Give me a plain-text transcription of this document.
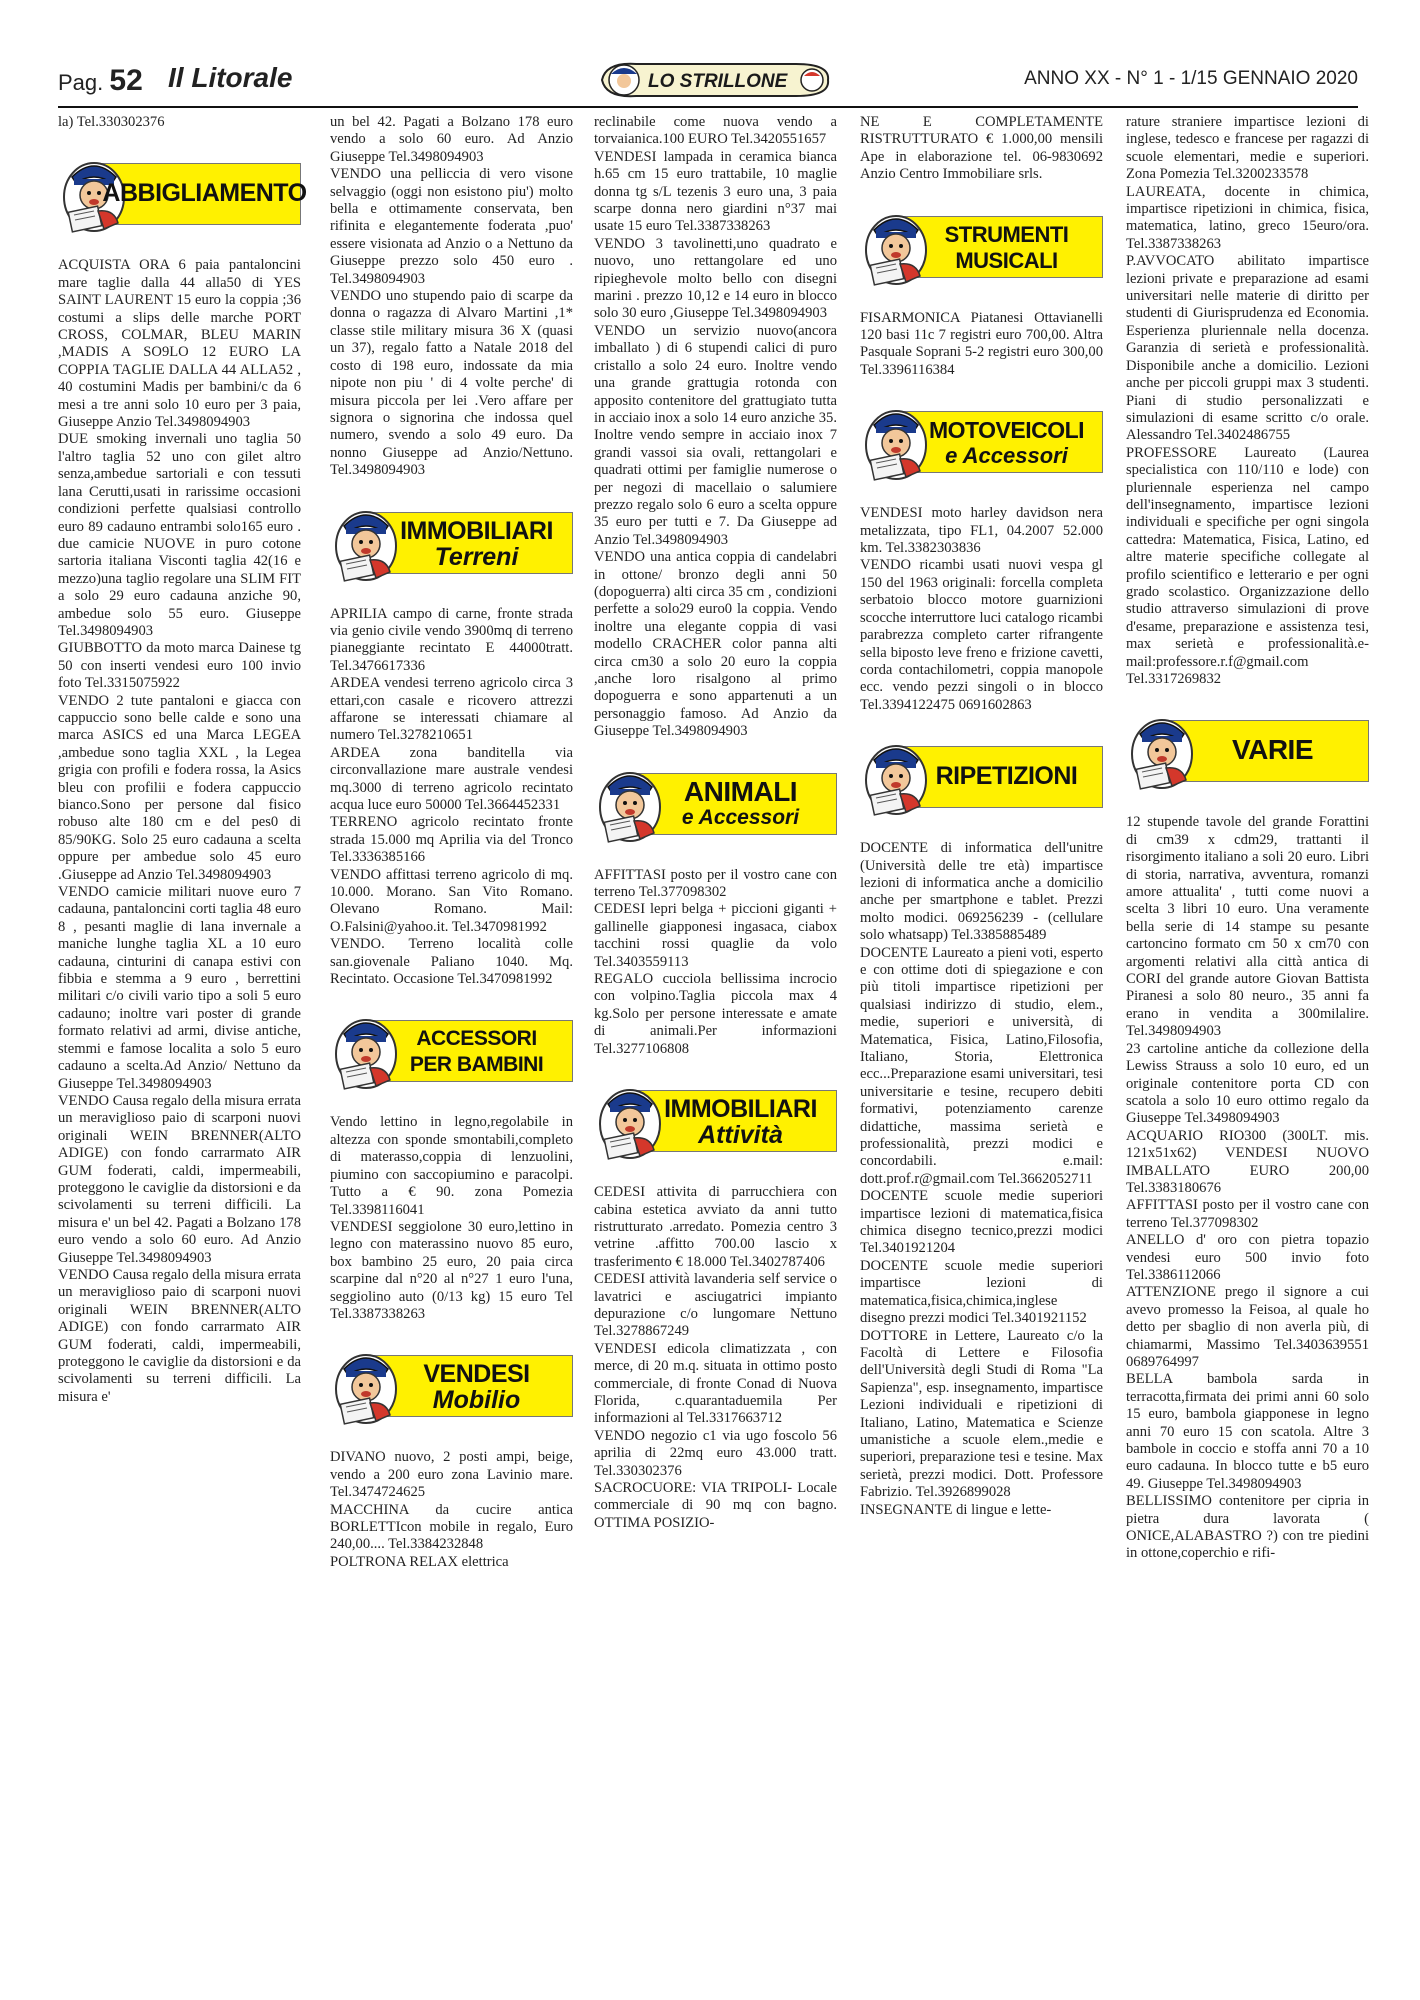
Pag. 52 Il Litorale	LO STRILLONE	ANNO XX - N° 1 - 1/15 GENNAIO 2020

la) Tel.330302376

ABBIGLIAMENTO

ACQUISTA ORA 6 paia pantaloncini mare taglie dalla 44 alla50 di YES SAINT LAURENT 15 euro la coppia ;36 costumi a slips delle marche PORT CROSS, COLMAR, BLEU MARIN ,MADIS A SO9LO 12 EURO LA COPPIA TAGLIE DALLA 44 ALLA52 , 40 costumini Madis per bambini/c da 6 mesi a tre anni solo 10 euro per 3 paia, Giuseppe Anzio Tel.3498094903

DUE smoking invernali uno taglia 50 l'altro taglia 52 uno con gilet altro senza,ambedue sartoriali e con tessuti lana Cerutti,usati in rarissime occasioni condizioni perfette qualsiasi controllo euro 89 cadauno entrambi solo165 euro . due camicie NUOVE in puro cotone sartoria italiana Visconti taglia 42(16 e mezzo)una taglio regolare una SLIM FIT a solo 29 euro cadauna anziche 90, ambedue solo 55 euro. Giuseppe Tel.3498094903

GIUBBOTTO da moto marca Dainese tg 50 con inserti vendesi euro 100 invio foto Tel.3315075922

VENDO 2 tute pantaloni e giacca con cappuccio sono belle calde e sono una marca ASICS ed una Marca LEGEA ,ambedue sono taglia XXL , la Legea grigia con profili e fodera rossa, la Asics bleu con profilii e fodera cappuccio bianco.Sono per persone dal fisico robuso alte 180 cm e del pes0 di 85/90KG. Solo 25 euro cadauna a scelta oppure per ambedue solo 45 euro .Giuseppe ad Anzio Tel.3498094903

VENDO camicie militari nuove euro 7 cadauna, pantaloncini corti taglia 48 euro 8 , pesanti maglie di lana invernale a maniche lunghe taglia XL a 10 euro cadauna, cinturini di canapa estivi con fibbia e stemma a 9 euro , berrettini militari c/o civili vario tipo a soli 5 euro cadauno; inoltre vari poster di grande formato relativi ad armi, divise antiche, stemmi e famose localita a solo 5 euro cadauno a scelta.Ad Anzio/ Nettuno da Giuseppe Tel.3498094903

VENDO Causa regalo della misura errata un meraviglioso paio di scarponi nuovi originali WEIN BRENNER(ALTO ADIGE) con fondo carrarmato AIR GUM foderati, caldi, impermeabili, proteggono le caviglie da distorsioni e da scivolamenti su terreni difficili. La misura e' un bel 42. Pagati a Bolzano 178 euro vendo a solo 60 euro. Ad Anzio Giuseppe Tel.3498094903

VENDO Causa regalo della misura errata un meraviglioso paio di scarponi nuovi originali WEIN BRENNER(ALTO ADIGE) con fondo carrarmato AIR GUM foderati, caldi, impermeabili, proteggono le caviglie da distorsioni e da scivolamenti su terreni difficili. La misura e'

un bel 42. Pagati a Bolzano 178 euro vendo a solo 60 euro. Ad Anzio Giuseppe Tel.3498094903

VENDO una pelliccia di vero visone selvaggio (oggi non esistono piu') molto bella e ottimamente conservata, ben rifinita e elegantemente foderata ,puo' essere visionata ad Anzio o a Nettuno da Giuseppe prezzo solo 450 euro . Tel.3498094903

VENDO uno stupendo paio di scarpe da donna o ragazza di Alvaro Martini ,1* classe stile military misura 36 X (quasi un 37), regalo fatto a Natale 2018 del costo di 198 euro, indossate da mia nipote non piu ' di 4 volte perche' di misura piccola per lei .Vero affare per signora o signorina che indossa quel numero, svendo a solo 49 euro. Da nonno Giuseppe ad Anzio/Nettuno. Tel.3498094903

IMMOBILIARI
Terreni

APRILIA campo di carne, fronte strada via genio civile vendo 3900mq di terreno pianeggiante recintato E 44000tratt. Tel.3476617336

ARDEA vendesi terreno agricolo circa 3 ettari,con casale e ricovero attrezzi affarone se interessati chiamare al numero Tel.3278210651

ARDEA zona banditella via circonvallazione mare australe vendesi mq.3000 di terreno agricolo recintato acqua luce euro 50000 Tel.3664452331

TERRENO agricolo recintato fronte strada 15.000 mq Aprilia via del Tronco Tel.3336385166

VENDO affittasi terreno agricolo di mq. 10.000. Morano. San Vito Romano. Olevano Romano. Mail: O.Falsini@yahoo.it. Tel.3470981992

VENDO. Terreno località colle san.giovenale Paliano 1040. Mq. Recintato. Occasione Tel.3470981992

ACCESSORI
PER BAMBINI

Vendo lettino in legno,regolabile in altezza con sponde smontabili,completo di materasso,coppia di lenzuolini, piumino con saccopiumino e paracolpi. Tutto a € 90. zona Pomezia Tel.3398116041

VENDESI seggiolone 30 euro,lettino in legno con materassino nuovo 85 euro, box bambino 25 euro, 20 paia circa scarpine dal n°20 al n°27 1 euro l'una, seggiolino auto (0/13 kg) 15 euro Tel Tel.3387338263

VENDESI
Mobilio

DIVANO nuovo, 2 posti ampi, beige, vendo a 200 euro zona Lavinio mare. Tel.3474724625

MACCHINA da cucire antica BORLETTIcon mobile in regalo, Euro 240,00.... Tel.3384232848

POLTRONA RELAX elettrica

reclinabile come nuova vendo a torvaianica.100 EURO Tel.3420551657

VENDESI lampada in ceramica bianca h.65 cm 15 euro trattabile, 10 maglie donna tg s/L tezenis 3 euro una, 3 paia scarpe donna nero giardini n°37 mai usate 15 euro Tel.3387338263

VENDO 3 tavolinetti,uno quadrato e nuovo, uno rettangolare ed uno ripieghevole molto bello con disegni marini . prezzo 10,12 e 14 euro in blocco solo 30 euro ,Giuseppe Tel.3498094903

VENDO un servizio nuovo(ancora imballato ) di 6 stupendi calici di puro cristallo a solo 24 euro. Inoltre vendo una grande grattugia rotonda con apposito contenitore del grattugiato tutta in acciaio inox a solo 14 euro anziche 35. Inoltre vendo sempre in acciaio inox 7 grandi vassoi sia ovali, rettangolari e quadrati ottimi per famiglie numerose o per negozi di macellaio o salumiere prezzo regalo solo 6 euro a scelta oppure 35 euro per tutti e 7. Da Giuseppe ad Anzio Tel.3498094903

VENDO una antica coppia di candelabri in ottone/ bronzo degli anni 50 (dopoguerra) alti circa 35 cm , condizioni perfette a solo29 euro0 la coppia. Vendo inoltre una elegante coppia di vasi modello CRACHER color panna alti circa cm30 a solo 20 euro la coppia ,anche loro risalgono al primo dopoguerra e sono appartenuti a un personaggio famoso. Ad Anzio da Giuseppe Tel.3498094903

ANIMALI
e Accessori

AFFITTASI posto per il vostro cane con terreno Tel.377098302

CEDESI lepri belga + piccioni giganti + gallinelle giapponesi ingasaca, ciabox tacchini rossi quaglie da volo Tel.3403559113

REGALO cucciola bellissima incrocio con volpino.Taglia piccola max 4 kg.Solo per persone interessate e amate di animali.Per informazioni Tel.3277106808

IMMOBILIARI
Attività

CEDESI attivita di parrucchiera con cabina estetica avviato da anni tutto ristrutturato .arredato. Pomezia centro 3 vetrine .affitto 700.00 lascio x trasferimento € 18.000 Tel.3402787406

CEDESI attività lavanderia self service o lavatrici e asciugatrici impianto depurazione c/o lungomare Nettuno Tel.3278867249

VENDESI edicola climatizzata , con merce, di 20 m.q. situata in ottimo posto commerciale, di fronte Conad di Nuova Florida, c.quarantaduemila Per informazioni al Tel.3317663712

VENDO negozio c1 via ugo foscolo 56 aprilia di 22mq euro 43.000 tratt. Tel.330302376

SACROCUORE: VIA TRIPOLI- Locale commerciale di 90 mq con bagno. OTTIMA POSIZIO-

NE E COMPLETAMENTE RISTRUTTURATO € 1.000,00 mensili Ape in elaborazione tel. 06-9830692 Anzio Centro Immobiliare srls.

STRUMENTI
MUSICALI

FISARMONICA Piatanesi Ottavianelli 120 basi 11c 7 registri euro 700,00. Altra Pasquale Soprani 5-2 registri euro 300,00 Tel.3396116384

MOTOVEICOLI
e Accessori

VENDESI moto harley davidson nera metalizzata, tipo FL1, 04.2007 52.000 km. Tel.3382303836

VENDO ricambi usati nuovi vespa gl 150 del 1963 originali: forcella completa serbatoio blocco motore guarnizioni scocche interruttore luci catalogo ricambi parabrezza completo carter rifrangente sella biposto leve freno e frizione cavetti, corda contachilometri, coppia manopole ecc. vendo pezzi singoli o in blocco Tel.3394122475 0691602863

RIPETIZIONI

DOCENTE di informatica dell'unitre (Università delle tre età) impartisce lezioni di informatica anche a domicilio anche per smartphone e tablet. Prezzi molto modici. 069256239 - (cellulare solo whatsapp) Tel.3385885489

DOCENTE Laureato a pieni voti, esperto e con ottime doti di spiegazione e con più titoli impartisce ripetizioni per qualsiasi indirizzo di studio, elem., medie, superiori e università, di Matematica, Fisica, Latino,Filosofia, Italiano, Storia, Elettronica ecc...Preparazione esami universitari, tesi universitarie e tesine, recupero debiti formativi, potenziamento carenze didattiche, massima serietà e professionalità, prezzi modici e concordabili. e.mail: dott.prof.r@gmail.com Tel.3662052711

DOCENTE scuole medie superiori impartisce lezioni di matematica,fisica chimica disegno tecnico,prezzi modici Tel.3401921204

DOCENTE scuole medie superiori impartisce lezioni di matematica,fisica,chimica,inglese disegno prezzi modici Tel.3401921152

DOTTORE in Lettere, Laureato c/o la Facoltà di Lettere e Filosofia dell'Università degli Studi di Roma "La Sapienza", esp. insegnamento, impartisce Lezioni individuali e ripetizioni di Italiano, Latino, Matematica e Scienze umanistiche a scuole elem.,medie e superiori, preparazione tesi e tesine. Max serietà, prezzi modici. Dott. Professore Fabrizio. Tel.3926899028

INSEGNANTE di lingue e lette-

rature straniere impartisce lezioni di inglese, tedesco e francese per ragazzi di scuole elementari, medie e superiori. Zona Pomezia Tel.3200233578

LAUREATA, docente in chimica, impartisce ripetizioni in chimica, fisica, matematica, latino, greco 15euro/ora. Tel.3387338263

P.AVVOCATO abilitato impartisce lezioni private e preparazione ad esami universitari nelle materie di diritto per studenti di Giurisprudenza ed Economia. Esperienza pluriennale nella docenza. Garanzia di serietà e professionalità. Disponibile anche a domicilio. Lezioni anche per piccoli gruppi max 3 studenti. Piani di studio personalizzati e simulazioni di esame scritto c/o orale. Alessandro Tel.3402486755

PROFESSORE Laureato (Laurea specialistica con 110/110 e lode) con pluriennale esperienza nel campo dell'insegnamento, impartisce lezioni individuali e specifiche per ogni singola cattedra: Matematica, Fisica, Latino, ed altre materie specifiche collegate al profilo scientifico e letterario e per ogni grado scolastico. Organizzazione dello studio attraverso simulazioni di prove d'esame, preparazione e assistenza tesi, max serietà e professionalità.e-mail:professore.r.f@gmail.com Tel.3317269832

VARIE

12 stupende tavole del grande Forattini di cm39 x cdm29, trattanti il risorgimento italiano a soli 20 euro. Libri di storia, narrativa, avventura, romanzi amore attualita' , tutti come nuovi a scelta 3 libri 10 euro. Una veramente bella serie di 14 stampe su pesante cartoncino formato cm 50 x cm70 con argomenti relativi alla città antica di CORI del grande autore Giovan Battista Piranesi a solo 80 neuro., 35 anni fa erano in vendita a 300milalire. Tel.3498094903

23 cartoline antiche da collezione della Lewiss Strauss a solo 10 euro, ed un originale contenitore porta CD con scatola a solo 10 euro ottimo regalo da Giuseppe Tel.3498094903

ACQUARIO RIO300 (300LT. mis. 121x51x62) VENDESI NUOVO IMBALLATO EURO 200,00 Tel.3383180676

AFFITTASI posto per il vostro cane con terreno Tel.377098302

ANELLO d' oro con pietra topazio vendesi euro 500 invio foto Tel.3386112066

ATTENZIONE prego il signore a cui avevo promesso la Feisoa, al quale ho detto per sbaglio di non averla più, di chiamarmi, Massimo Tel.3403639551 0689764997

BELLA bambola sarda in terracotta,firmata dei primi anni 60 solo 15 euro, bambola giapponese in legno anni 70 euro 15 con scatola. Altre 3 bambole in coccio e stoffa anni 70 a 10 euro cadauna. In blocco tutte e b5 euro 49. Giuseppe Tel.3498094903

BELLISSIMO contenitore per cipria in pietra dura lavorata ( ONICE,ALABASTRO ?) con tre piedini in ottone,coperchio e rifi-
